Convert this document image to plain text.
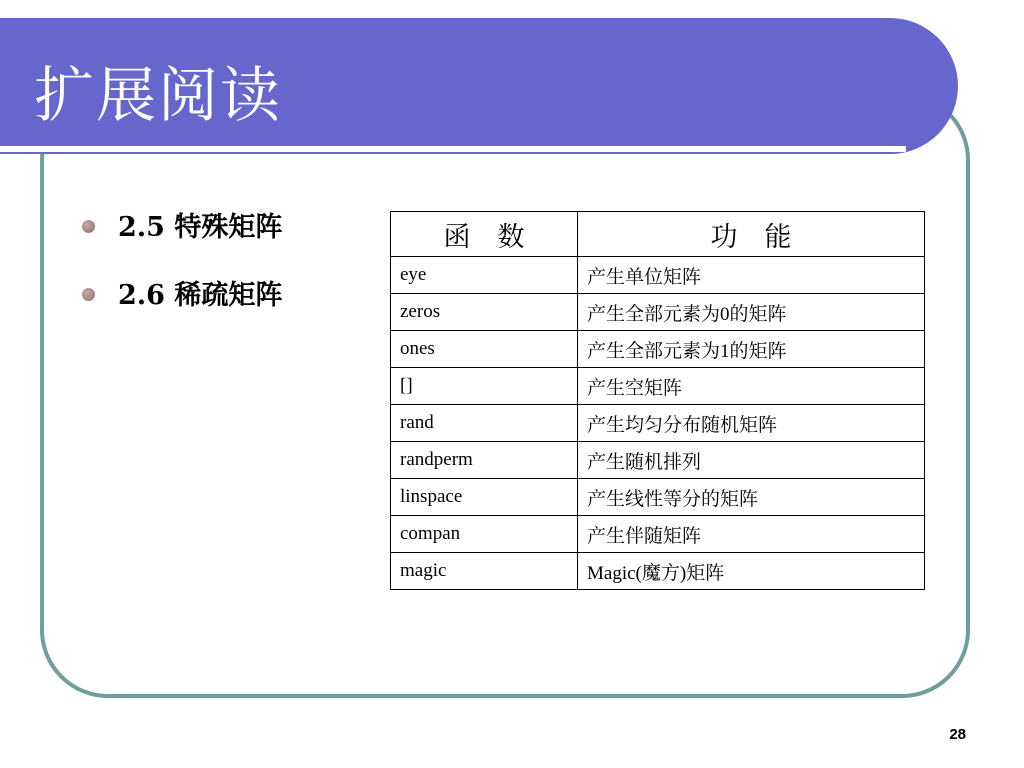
扩展阅读
2.5 特殊矩阵
2.6 稀疏矩阵
函　数	功　能
eye	产生单位矩阵
zeros	产生全部元素为0的矩阵
ones	产生全部元素为1的矩阵
[]	产生空矩阵
rand	产生均匀分布随机矩阵
randperm	产生随机排列
linspace	产生线性等分的矩阵
compan	产生伴随矩阵
magic	Magic(魔方)矩阵
28
